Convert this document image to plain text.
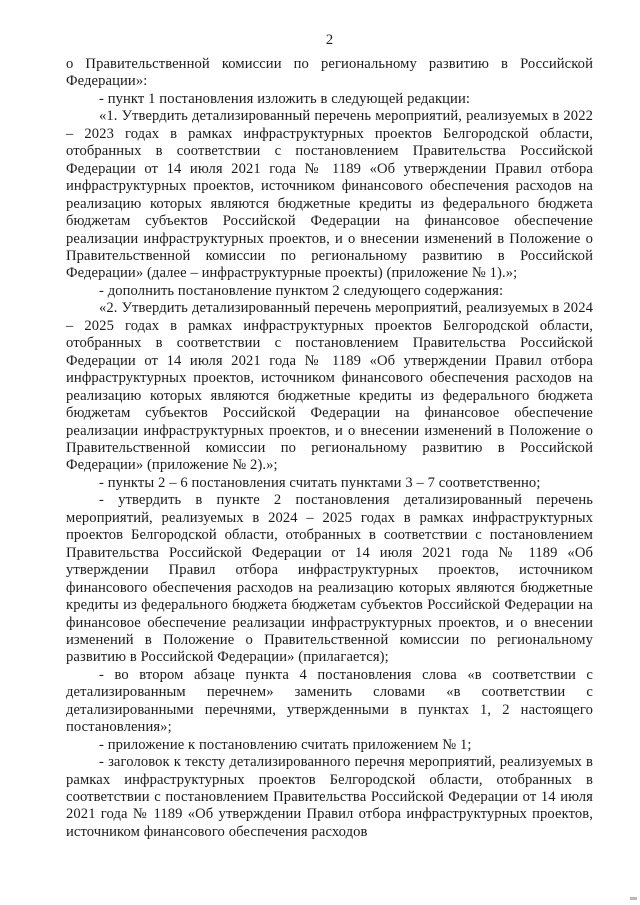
2

о Правительственной комиссии по региональному развитию в Российской Федерации»:

- пункт 1 постановления изложить в следующей редакции:

«1. Утвердить детализированный перечень мероприятий, реализуемых в 2022 – 2023 годах в рамках инфраструктурных проектов Белгородской области, отобранных в соответствии с постановлением Правительства Российской Федерации от 14 июля 2021 года № 1189 «Об утверждении Правил отбора инфраструктурных проектов, источником финансового обеспечения расходов на реализацию которых являются бюджетные кредиты из федерального бюджета бюджетам субъектов Российской Федерации на финансовое обеспечение реализации инфраструктурных проектов, и о внесении изменений в Положение о Правительственной комиссии по региональному развитию в Российской Федерации» (далее – инфраструктурные проекты) (приложение № 1).»;

- дополнить постановление пунктом 2 следующего содержания:

«2. Утвердить детализированный перечень мероприятий, реализуемых в 2024 – 2025 годах в рамках инфраструктурных проектов Белгородской области, отобранных в соответствии с постановлением Правительства Российской Федерации от 14 июля 2021 года № 1189 «Об утверждении Правил отбора инфраструктурных проектов, источником финансового обеспечения расходов на реализацию которых являются бюджетные кредиты из федерального бюджета бюджетам субъектов Российской Федерации на финансовое обеспечение реализации инфраструктурных проектов, и о внесении изменений в Положение о Правительственной комиссии по региональному развитию в Российской Федерации» (приложение № 2).»;

- пункты 2 – 6 постановления считать пунктами 3 – 7 соответственно;

- утвердить в пункте 2 постановления детализированный перечень мероприятий, реализуемых в 2024 – 2025 годах в рамках инфраструктурных проектов Белгородской области, отобранных в соответствии с постановлением Правительства Российской Федерации от 14 июля 2021 года № 1189 «Об утверждении Правил отбора инфраструктурных проектов, источником финансового обеспечения расходов на реализацию которых являются бюджетные кредиты из федерального бюджета бюджетам субъектов Российской Федерации на финансовое обеспечение реализации инфраструктурных проектов, и о внесении изменений в Положение о Правительственной комиссии по региональному развитию в Российской Федерации» (прилагается);

- во втором абзаце пункта 4 постановления слова «в соответствии с детализированным перечнем» заменить словами «в соответствии с детализированными перечнями, утвержденными в пунктах 1, 2 настоящего постановления»;

- приложение к постановлению считать приложением № 1;

- заголовок к тексту детализированного перечня мероприятий, реализуемых в рамках инфраструктурных проектов Белгородской области, отобранных в соответствии с постановлением Правительства Российской Федерации от 14 июля 2021 года № 1189 «Об утверждении Правил отбора инфраструктурных проектов, источником финансового обеспечения расходов
